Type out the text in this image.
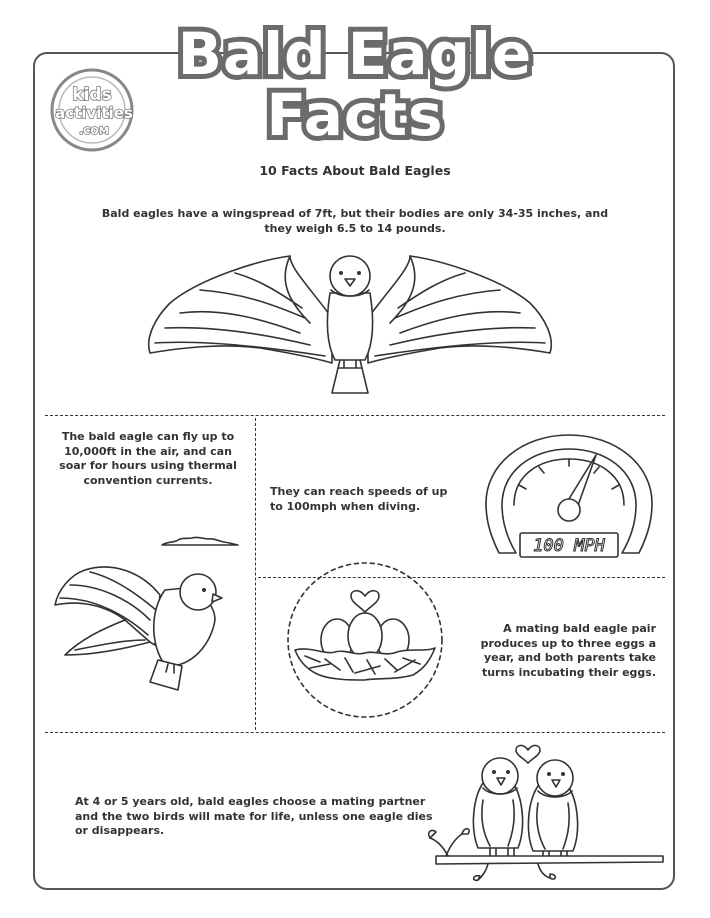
Bald Eagle
Facts
kids
activities
.COM
10 Facts About Bald Eagles
Bald eagles have a wingspread of 7ft, but their bodies are only 34-35 inches, and they weigh 6.5 to 14 pounds.
The bald eagle can fly up to 10,000ft in the air, and can soar for hours using thermal convention currents.
They can reach speeds of up to 100mph when diving.
100 MPH
A mating bald eagle pair produces up to three eggs a year, and both parents take turns incubating their eggs.
At 4 or 5 years old, bald eagles choose a mating partner and the two birds will mate for life, unless one eagle dies or disappears.
